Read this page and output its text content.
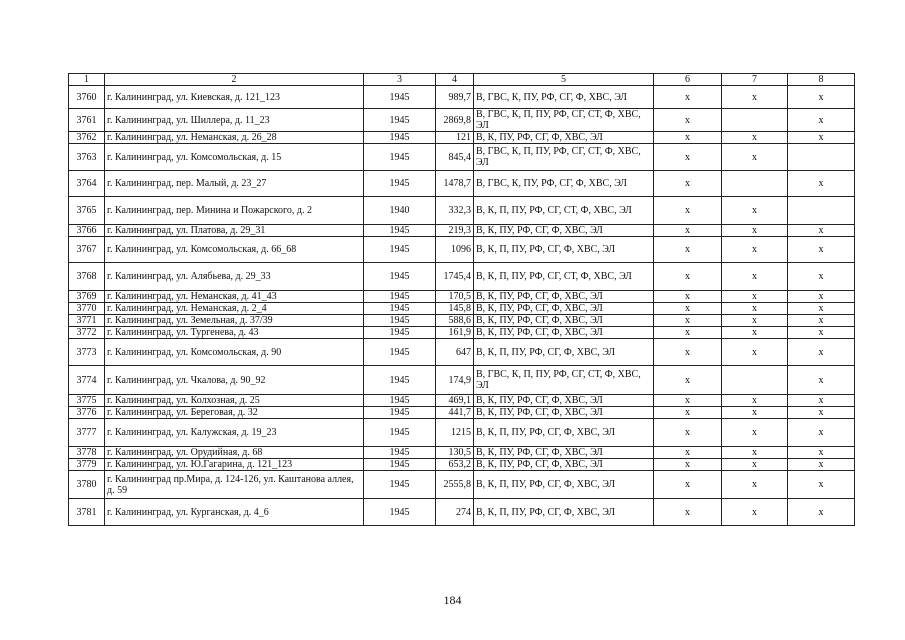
1	2	3	4	5	6	7	8
3760	г. Калининград, ул. Киевская, д. 121_123	1945	989,7	В, ГВС, К, ПУ, РФ, СГ, Ф, ХВС, ЭЛ	x	x	x
3761	г. Калининград, ул. Шиллера, д. 11_23	1945	2869,8	В, ГВС, К, П, ПУ, РФ, СГ, СТ, Ф, ХВС, ЭЛ	x		x
3762	г. Калининград, ул. Неманская, д. 26_28	1945	121	В, К, ПУ, РФ, СГ, Ф, ХВС, ЭЛ	x	x	x
3763	г. Калининград, ул. Комсомольская, д. 15	1945	845,4	В, ГВС, К, П, ПУ, РФ, СГ, СТ, Ф, ХВС, ЭЛ	x	x	
3764	г. Калининград, пер. Малый, д. 23_27	1945	1478,7	В, ГВС, К, ПУ, РФ, СГ, Ф, ХВС, ЭЛ	x		x
3765	г. Калининград, пер. Минина и Пожарского, д. 2	1940	332,3	В, К, П, ПУ, РФ, СГ, СТ, Ф, ХВС, ЭЛ	x	x	
3766	г. Калининград, ул. Платова, д. 29_31	1945	219,3	В, К, ПУ, РФ, СГ, Ф, ХВС, ЭЛ	x	x	x
3767	г. Калининград, ул. Комсомольская, д. 66_68	1945	1096	В, К, П, ПУ, РФ, СГ, Ф, ХВС, ЭЛ	x	x	x
3768	г. Калининград, ул. Алябьева, д. 29_33	1945	1745,4	В, К, П, ПУ, РФ, СГ, СТ, Ф, ХВС, ЭЛ	x	x	x
3769	г. Калининград, ул. Неманская, д. 41_43	1945	170,5	В, К, ПУ, РФ, СГ, Ф, ХВС, ЭЛ	x	x	x
3770	г. Калининград, ул. Неманская, д. 2_4	1945	145,8	В, К, ПУ, РФ, СГ, Ф, ХВС, ЭЛ	x	x	x
3771	г. Калининград, ул. Земельная, д. 37/39	1945	588,6	В, К, ПУ, РФ, СГ, Ф, ХВС, ЭЛ	x	x	x
3772	г. Калининград, ул. Тургенева, д. 43	1945	161,9	В, К, ПУ, РФ, СГ, Ф, ХВС, ЭЛ	x	x	x
3773	г. Калининград, ул. Комсомольская, д. 90	1945	647	В, К, П, ПУ, РФ, СГ, Ф, ХВС, ЭЛ	x	x	x
3774	г. Калининград, ул. Чкалова, д. 90_92	1945	174,9	В, ГВС, К, П, ПУ, РФ, СГ, СТ, Ф, ХВС, ЭЛ	x		x
3775	г. Калининград, ул. Колхозная, д. 25	1945	469,1	В, К, ПУ, РФ, СГ, Ф, ХВС, ЭЛ	x	x	x
3776	г. Калининград, ул. Береговая, д. 32	1945	441,7	В, К, ПУ, РФ, СГ, Ф, ХВС, ЭЛ	x	x	x
3777	г. Калининград, ул. Калужская, д. 19_23	1945	1215	В, К, П, ПУ, РФ, СГ, Ф, ХВС, ЭЛ	x	x	x
3778	г. Калининград, ул. Орудийная, д. 68	1945	130,5	В, К, ПУ, РФ, СГ, Ф, ХВС, ЭЛ	x	x	x
3779	г. Калининград, ул. Ю.Гагарина, д. 121_123	1945	653,2	В, К, ПУ, РФ, СГ, Ф, ХВС, ЭЛ	x	x	x
3780	г. Калининград пр.Мира, д. 124-126, ул. Каштанова аллея, д. 59	1945	2555,8	В, К, П, ПУ, РФ, СГ, Ф, ХВС, ЭЛ	x	x	x
3781	г. Калининград, ул. Курганская, д. 4_6	1945	274	В, К, П, ПУ, РФ, СГ, Ф, ХВС, ЭЛ	x	x	x
184
